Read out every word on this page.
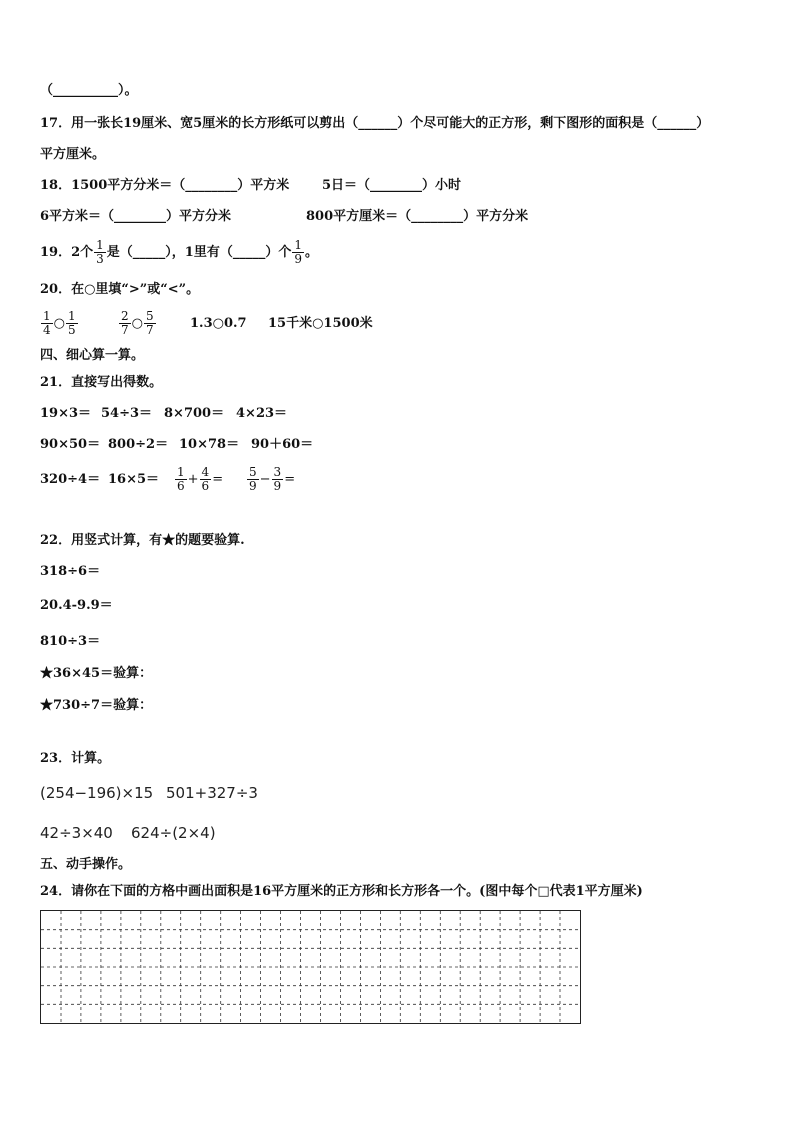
（__________）。
17．用一张长19厘米、宽5厘米的长方形纸可以剪出（______）个尽可能大的正方形，剩下图形的面积是（______）
平方厘米。
18．1500平方分米＝（________）平方米	5日＝（________）小时
6平方米＝（________）平方分米	800平方厘米＝（________）平方分米
19．2个 $\frac{1}{3}$ 是（_____），1里有（_____）个 $\frac{1}{9}$ 。
20．在○里填“>”或“<”。
$\frac{1}{4}$ ○ $\frac{1}{5}$	$\frac{2}{7}$ ○ $\frac{5}{7}$	1.3○0.7 15千米○1500米
四、细心算一算。
21．直接写出得数。
19×3＝ 54÷3＝ 8×700＝ 4×23＝
90×50＝ 800÷2＝ 10×78＝ 90＋60＝
$320\div 4= 16\times 5= \frac{1}{6} + \frac{4}{6} = \frac{5}{9} - \frac{3}{9}$ =
22．用竖式计算，有★的题要验算.
318÷6＝
20.4-9.9＝
810÷3＝
★36×45＝验算：
★730÷7＝验算：
23．计算。
(254−196)×15 501+327÷3
42÷3×40 624÷(2×4)
五、动手操作。
24．请你在下面的方格中画出面积是16平方厘米的正方形和长方形各一个。(图中每个□代表1平方厘米)
